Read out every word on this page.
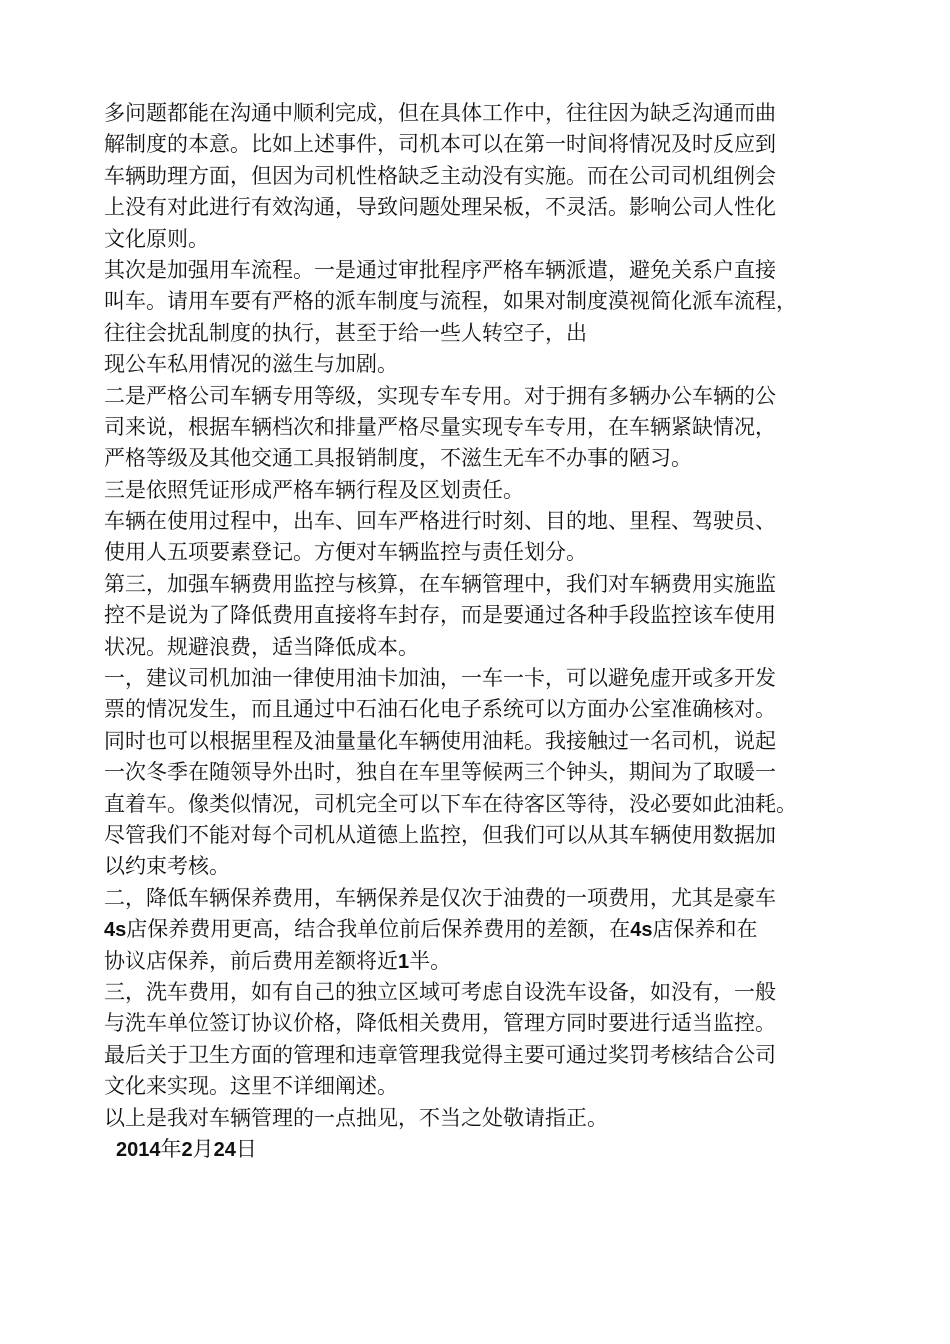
多问题都能在沟通中顺利完成，但在具体工作中，往往因为缺乏沟通而曲
解制度的本意。比如上述事件，司机本可以在第一时间将情况及时反应到
车辆助理方面，但因为司机性格缺乏主动没有实施。而在公司司机组例会
上没有对此进行有效沟通，导致问题处理呆板，不灵活。影响公司人性化
文化原则。
其次是加强用车流程。一是通过审批程序严格车辆派遣，避免关系户直接
叫车。请用车要有严格的派车制度与流程，如果对制度漠视简化派车流程，
往往会扰乱制度的执行，甚至于给一些人转空子，出
现公车私用情况的滋生与加剧。
二是严格公司车辆专用等级，实现专车专用。对于拥有多辆办公车辆的公
司来说，根据车辆档次和排量严格尽量实现专车专用，在车辆紧缺情况，
严格等级及其他交通工具报销制度，不滋生无车不办事的陋习。
三是依照凭证形成严格车辆行程及区划责任。
车辆在使用过程中，出车、回车严格进行时刻、目的地、里程、驾驶员、
使用人五项要素登记。方便对车辆监控与责任划分。
第三，加强车辆费用监控与核算，在车辆管理中，我们对车辆费用实施监
控不是说为了降低费用直接将车封存，而是要通过各种手段监控该车使用
状况。规避浪费，适当降低成本。
一，建议司机加油一律使用油卡加油，一车一卡，可以避免虚开或多开发
票的情况发生，而且通过中石油石化电子系统可以方面办公室准确核对。
同时也可以根据里程及油量量化车辆使用油耗。我接触过一名司机，说起
一次冬季在随领导外出时，独自在车里等候两三个钟头，期间为了取暖一
直着车。像类似情况，司机完全可以下车在待客区等待，没必要如此油耗。
尽管我们不能对每个司机从道德上监控，但我们可以从其车辆使用数据加
以约束考核。
二，降低车辆保养费用，车辆保养是仅次于油费的一项费用，尤其是豪车
4s店保养费用更高，结合我单位前后保养费用的差额，在4s店保养和在
协议店保养，前后费用差额将近1半。
三，洗车费用，如有自己的独立区域可考虑自设洗车设备，如没有，一般
与洗车单位签订协议价格，降低相关费用，管理方同时要进行适当监控。
最后关于卫生方面的管理和违章管理我觉得主要可通过奖罚考核结合公司
文化来实现。这里不详细阐述。
以上是我对车辆管理的一点拙见，不当之处敬请指正。
2014年2月24日
